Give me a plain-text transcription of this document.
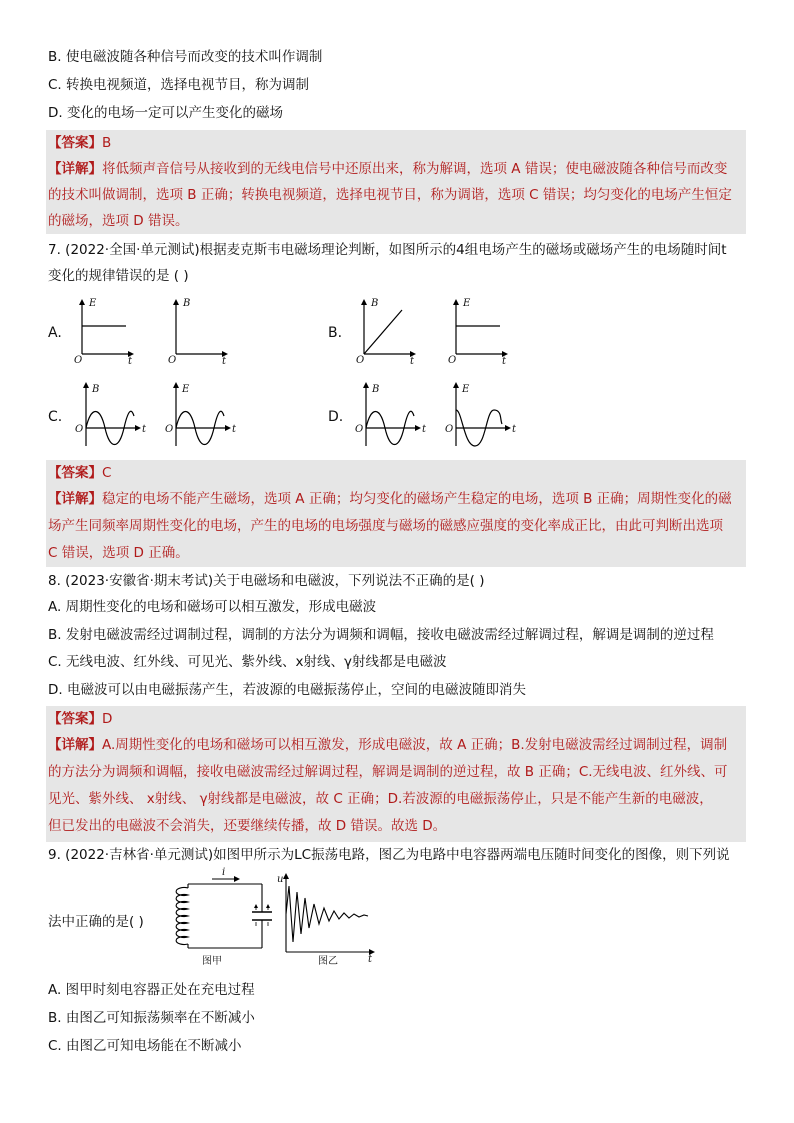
B. 使电磁波随各种信号而改变的技术叫作调制
C. 转换电视频道，选择电视节目，称为调制
D. 变化的电场一定可以产生变化的磁场
【答案】B
【详解】将低频声音信号从接收到的无线电信号中还原出来，称为解调，选项 A 错误；使电磁波随各种信号而改变
的技术叫做调制，选项 B 正确；转换电视频道，选择电视节目，称为调谐，选项 C 错误；均匀变化的电场产生恒定
的磁场，选项 D 错误。
7. (2022·全国·单元测试)根据麦克斯韦电磁场理论判断，如图所示的4组电场产生的磁场或磁场产生的电场随时间t
变化的规律错误的是 ( )
A.	B.
C.	D.
E
O	t
B
O	t
B
O	t
E
O	t
B
O	t
E
O	t
B
O	t
E
O	t
【答案】C
【详解】稳定的电场不能产生磁场，选项 A 正确；均匀变化的磁场产生稳定的电场，选项 B 正确；周期性变化的磁
场产生同频率周期性变化的电场，产生的电场的电场强度与磁场的磁感应强度的变化率成正比，由此可判断出选项
C 错误，选项 D 正确。
8. (2023·安徽省·期末考试)关于电磁场和电磁波，下列说法不正确的是( )
A. 周期性变化的电场和磁场可以相互激发，形成电磁波
B. 发射电磁波需经过调制过程，调制的方法分为调频和调幅，接收电磁波需经过解调过程，解调是调制的逆过程
C. 无线电波、红外线、可见光、紫外线、x射线、γ射线都是电磁波
D. 电磁波可以由电磁振荡产生，若波源的电磁振荡停止，空间的电磁波随即消失
【答案】D
【详解】A.周期性变化的电场和磁场可以相互激发，形成电磁波，故 A 正确；B.发射电磁波需经过调制过程，调制
的方法分为调频和调幅，接收电磁波需经过解调过程，解调是调制的逆过程，故 B 正确；C.无线电波、红外线、可
见光、紫外线、 x射线、 γ射线都是电磁波，故 C 正确；D.若波源的电磁振荡停止，只是不能产生新的电磁波，
但已发出的电磁波不会消失，还要继续传播，故 D 错误。故选 D。
9. (2022·吉林省·单元测试)如图甲所示为LC振荡电路，图乙为电路中电容器两端电压随时间变化的图像，则下列说
法中正确的是( )
i
图甲
u
t
图乙
A. 图甲时刻电容器正处在充电过程
B. 由图乙可知振荡频率在不断减小
C. 由图乙可知电场能在不断减小
